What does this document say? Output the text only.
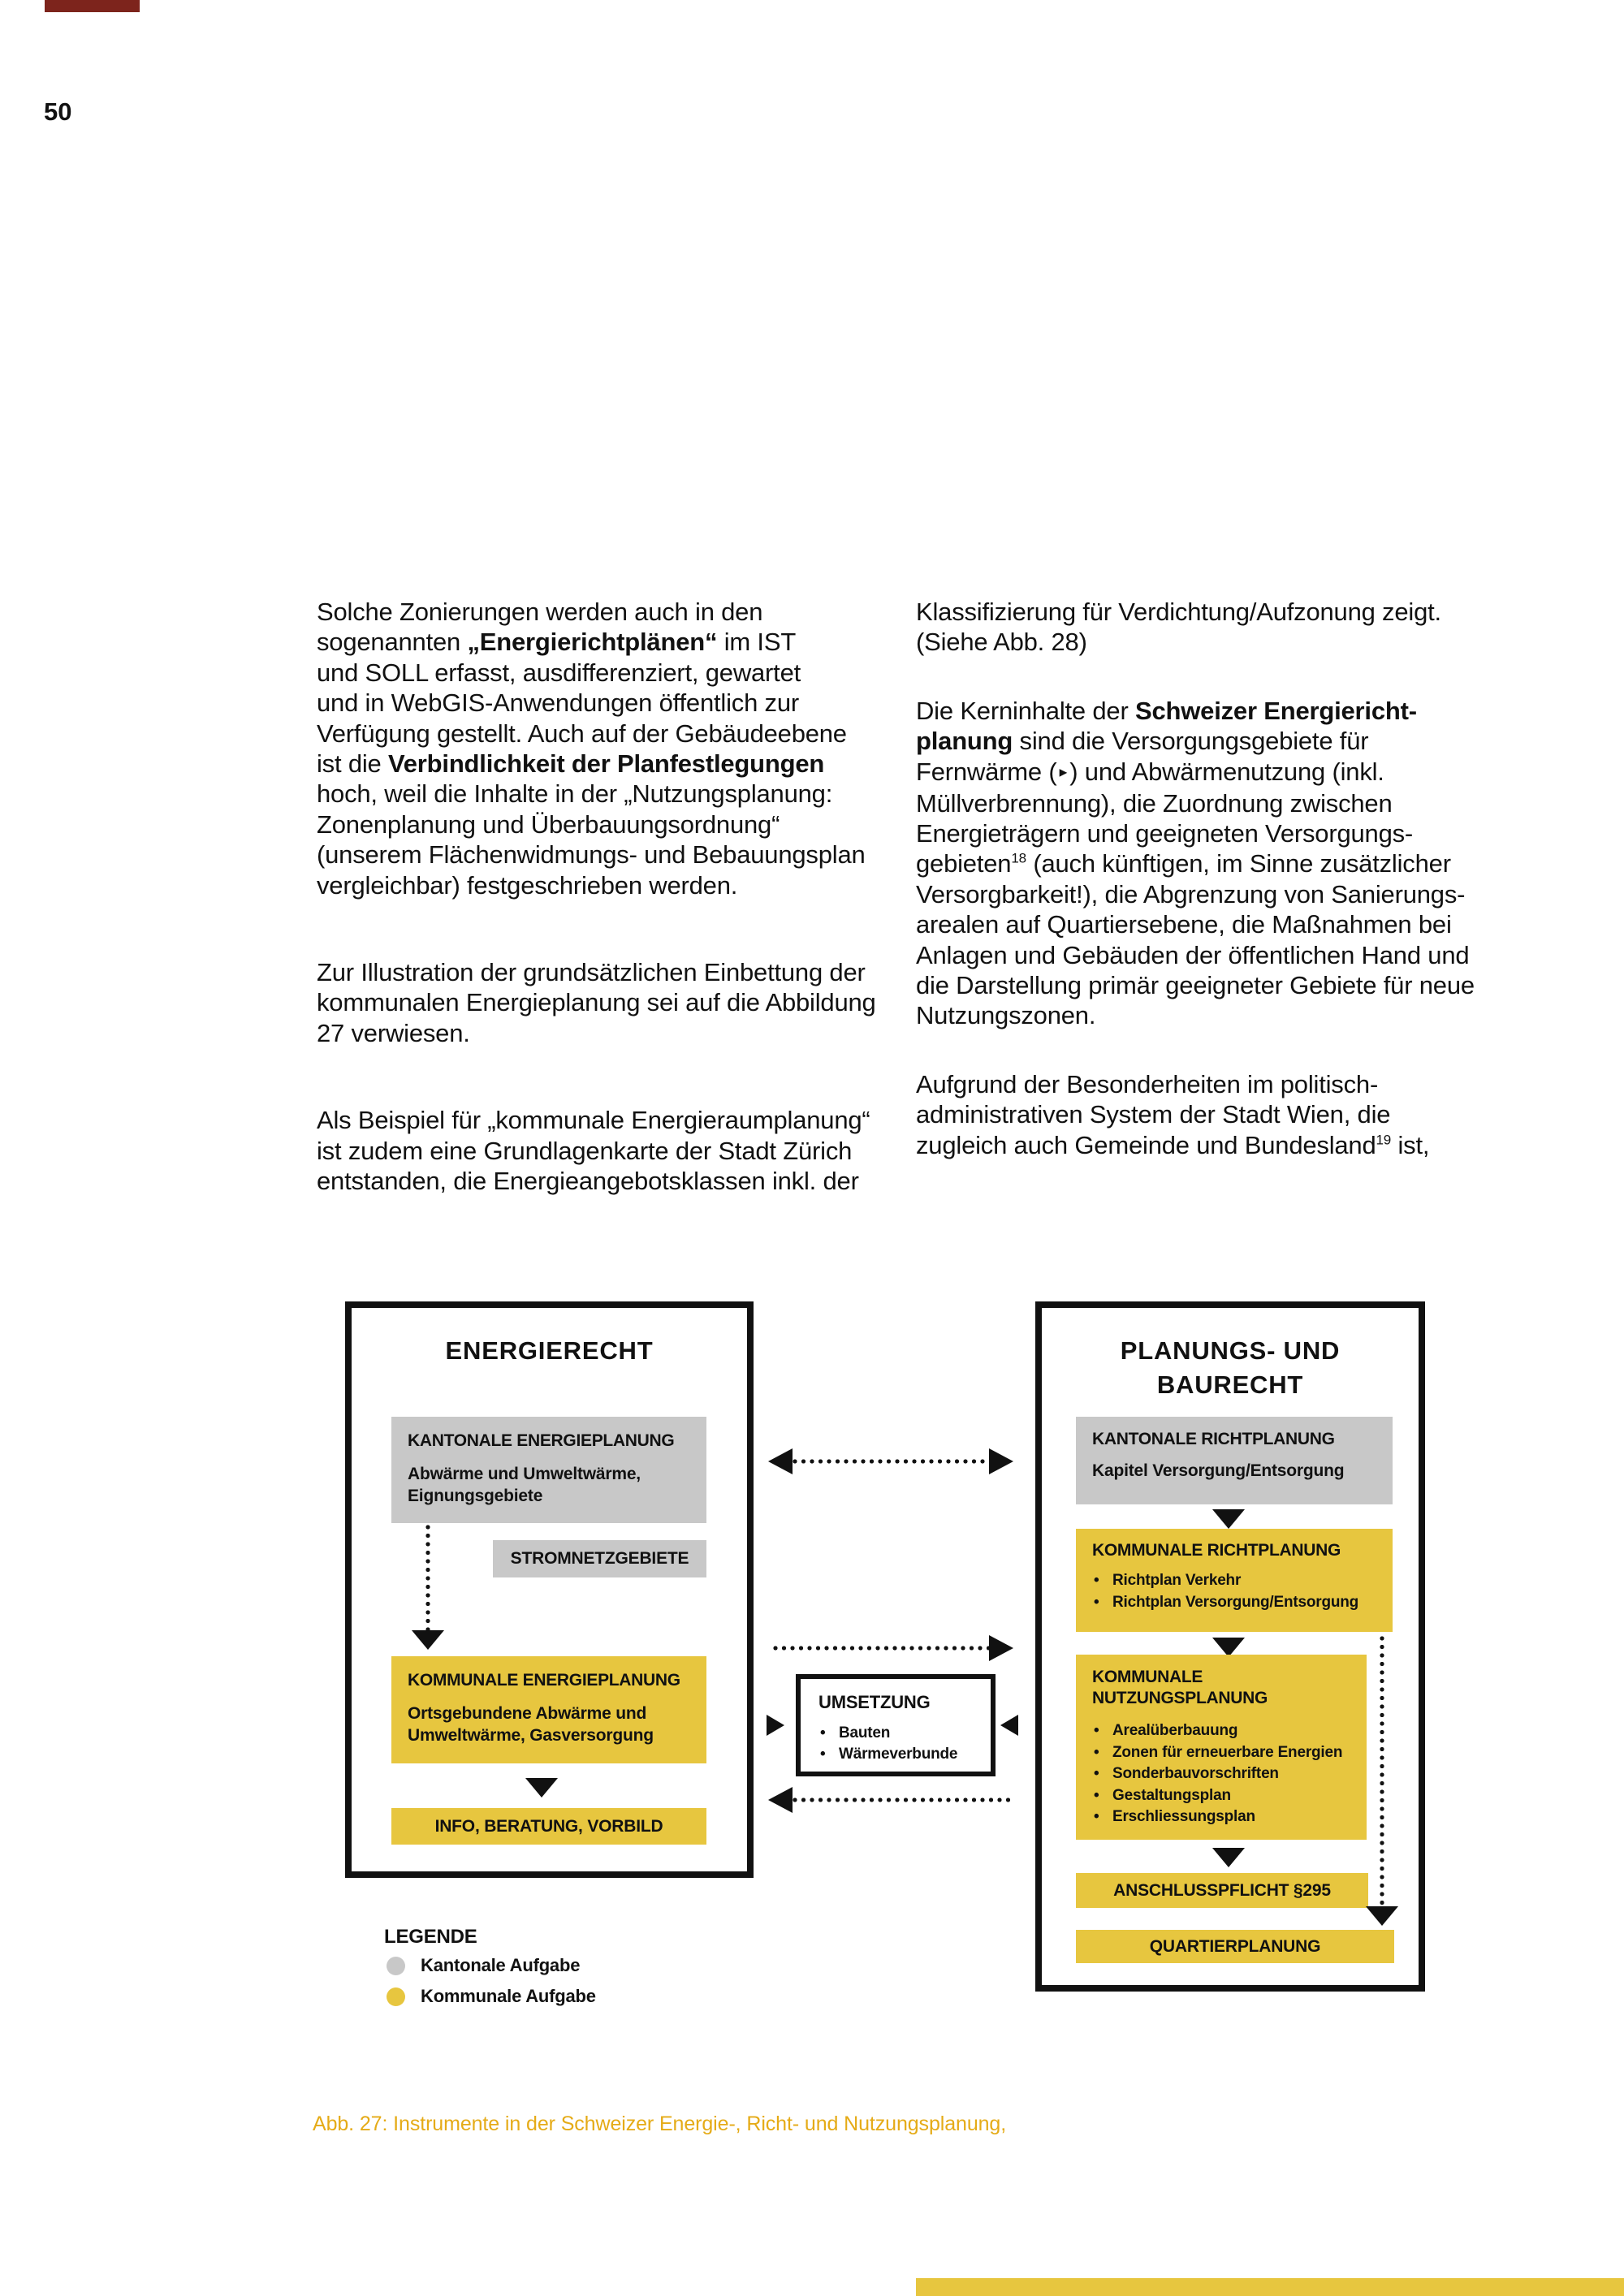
50

Solche Zonierungen werden auch in den
sogenannten „Energierichtplänen“ im IST
und SOLL erfasst, ausdifferenziert, gewartet
und in WebGIS-Anwendungen öffentlich zur
Verfügung gestellt. Auch auf der Gebäudeebene
ist die Verbindlichkeit der Planfestlegungen
hoch, weil die Inhalte in der „Nutzungsplanung:
Zonenplanung und Überbauungsordnung“
(unserem Flächenwidmungs- und Bebauungsplan
vergleichbar) festgeschrieben werden.

Zur Illustration der grundsätzlichen Einbettung der
kommunalen Energieplanung sei auf die Abbildung
27 verwiesen.

Als Beispiel für „kommunale Energieraumplanung“
ist zudem eine Grundlagenkarte der Stadt Zürich
entstanden, die Energieangebotsklassen inkl. der

Klassifizierung für Verdichtung/Aufzonung zeigt.
(Siehe Abb. 28)

Die Kerninhalte der Schweizer Energiericht-
planung sind die Versorgungsgebiete für
Fernwärme (►) und Abwärmenutzung (inkl.
Müllverbrennung), die Zuordnung zwischen
Energieträgern und geeigneten Versorgungs-
gebieten$^{18}$ (auch künftigen, im Sinne zusätzlicher
Versorgbarkeit!), die Abgrenzung von Sanierungs-
arealen auf Quartiersebene, die Maßnahmen bei
Anlagen und Gebäuden der öffentlichen Hand und
die Darstellung primär geeigneter Gebiete für neue
Nutzungszonen.

Aufgrund der Besonderheiten im politisch-
administrativen System der Stadt Wien, die
zugleich auch Gemeinde und Bundesland$^{19}$ ist,

ENERGIERECHT
KANTONALE ENERGIEPLANUNG
Abwärme und Umweltwärme,
Eignungsgebiete
STROMNETZGEBIETE
KOMMUNALE ENERGIEPLANUNG
Ortsgebundene Abwärme und
Umweltwärme, Gasversorgung
INFO, BERATUNG, VORBILD
UMSETZUNG
• Bauten
• Wärmeverbunde
PLANUNGS- UND
BAURECHT
KANTONALE RICHTPLANUNG
Kapitel Versorgung/Entsorgung
KOMMUNALE RICHTPLANUNG
• Richtplan Verkehr
• Richtplan Versorgung/Entsorgung
KOMMUNALE
NUTZUNGSPLANUNG
• Arealüberbauung
• Zonen für erneuerbare Energien
• Sonderbauvorschriften
• Gestaltungsplan
• Erschliessungsplan
ANSCHLUSSPFLICHT §295
QUARTIERPLANUNG
LEGENDE
Kantonale Aufgabe
Kommunale Aufgabe
Abb. 27: Instrumente in der Schweizer Energie-, Richt- und Nutzungsplanung,
